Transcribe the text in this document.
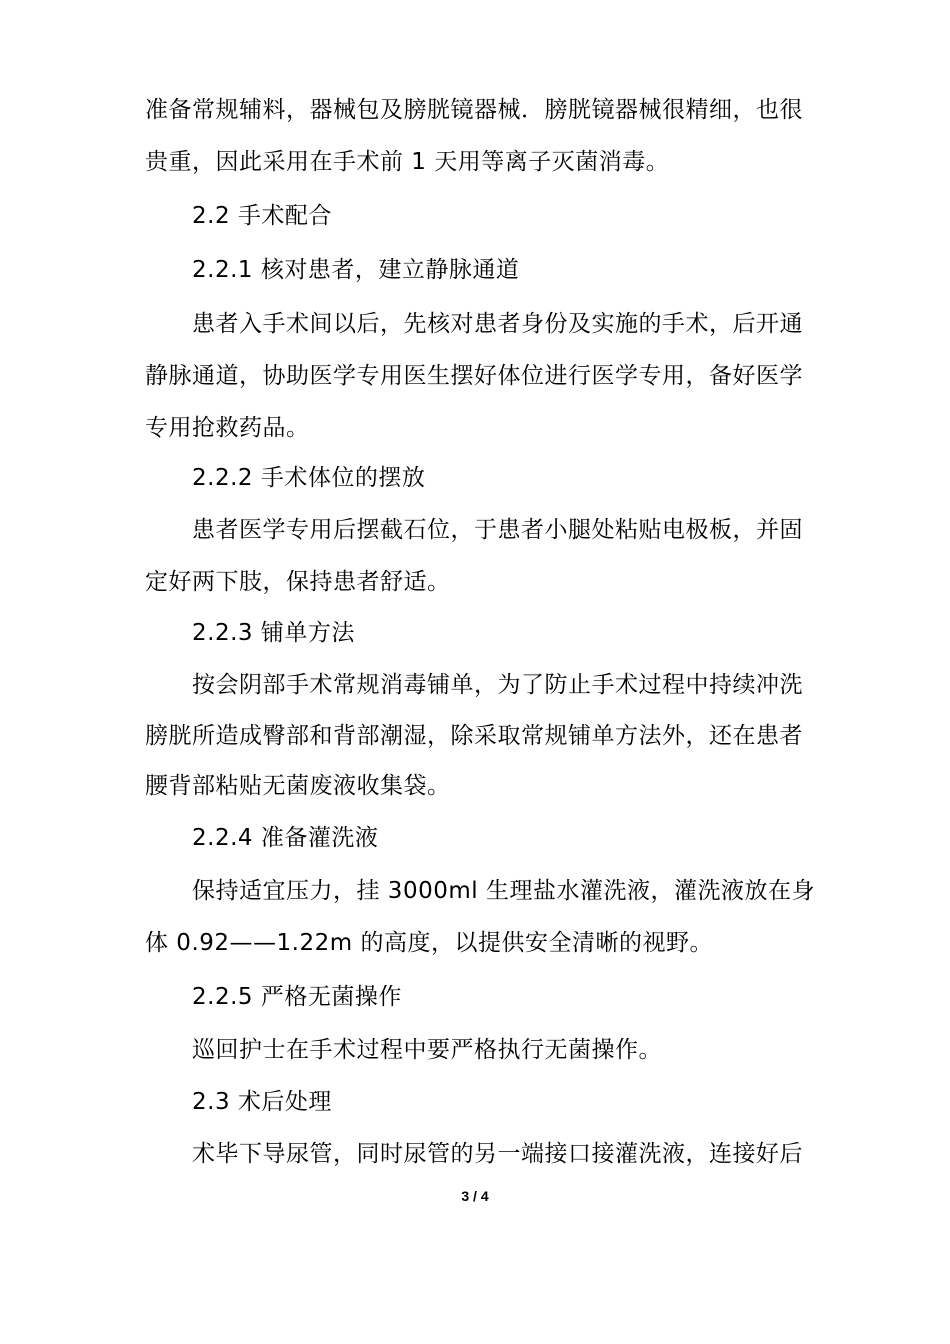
准备常规辅料，器械包及膀胱镜器械．膀胱镜器械很精细，也很
贵重，因此采用在手术前 1 天用等离子灭菌消毒。
2.2 手术配合
2.2.1 核对患者，建立静脉通道
患者入手术间以后，先核对患者身份及实施的手术，后开通
静脉通道，协助医学专用医生摆好体位进行医学专用，备好医学
专用抢救药品。
2.2.2 手术体位的摆放
患者医学专用后摆截石位，于患者小腿处粘贴电极板，并固
定好两下肢，保持患者舒适。
2.2.3 铺单方法
按会阴部手术常规消毒铺单，为了防止手术过程中持续冲洗
膀胱所造成臀部和背部潮湿，除采取常规铺单方法外，还在患者
腰背部粘贴无菌废液收集袋。
2.2.4 准备灌洗液
保持适宜压力，挂 3000ml 生理盐水灌洗液，灌洗液放在身
体 0.92——1.22m 的高度，以提供安全清晰的视野。
2.2.5 严格无菌操作
巡回护士在手术过程中要严格执行无菌操作。
2.3 术后处理
术毕下导尿管，同时尿管的另一端接口接灌洗液，连接好后
3 / 4
